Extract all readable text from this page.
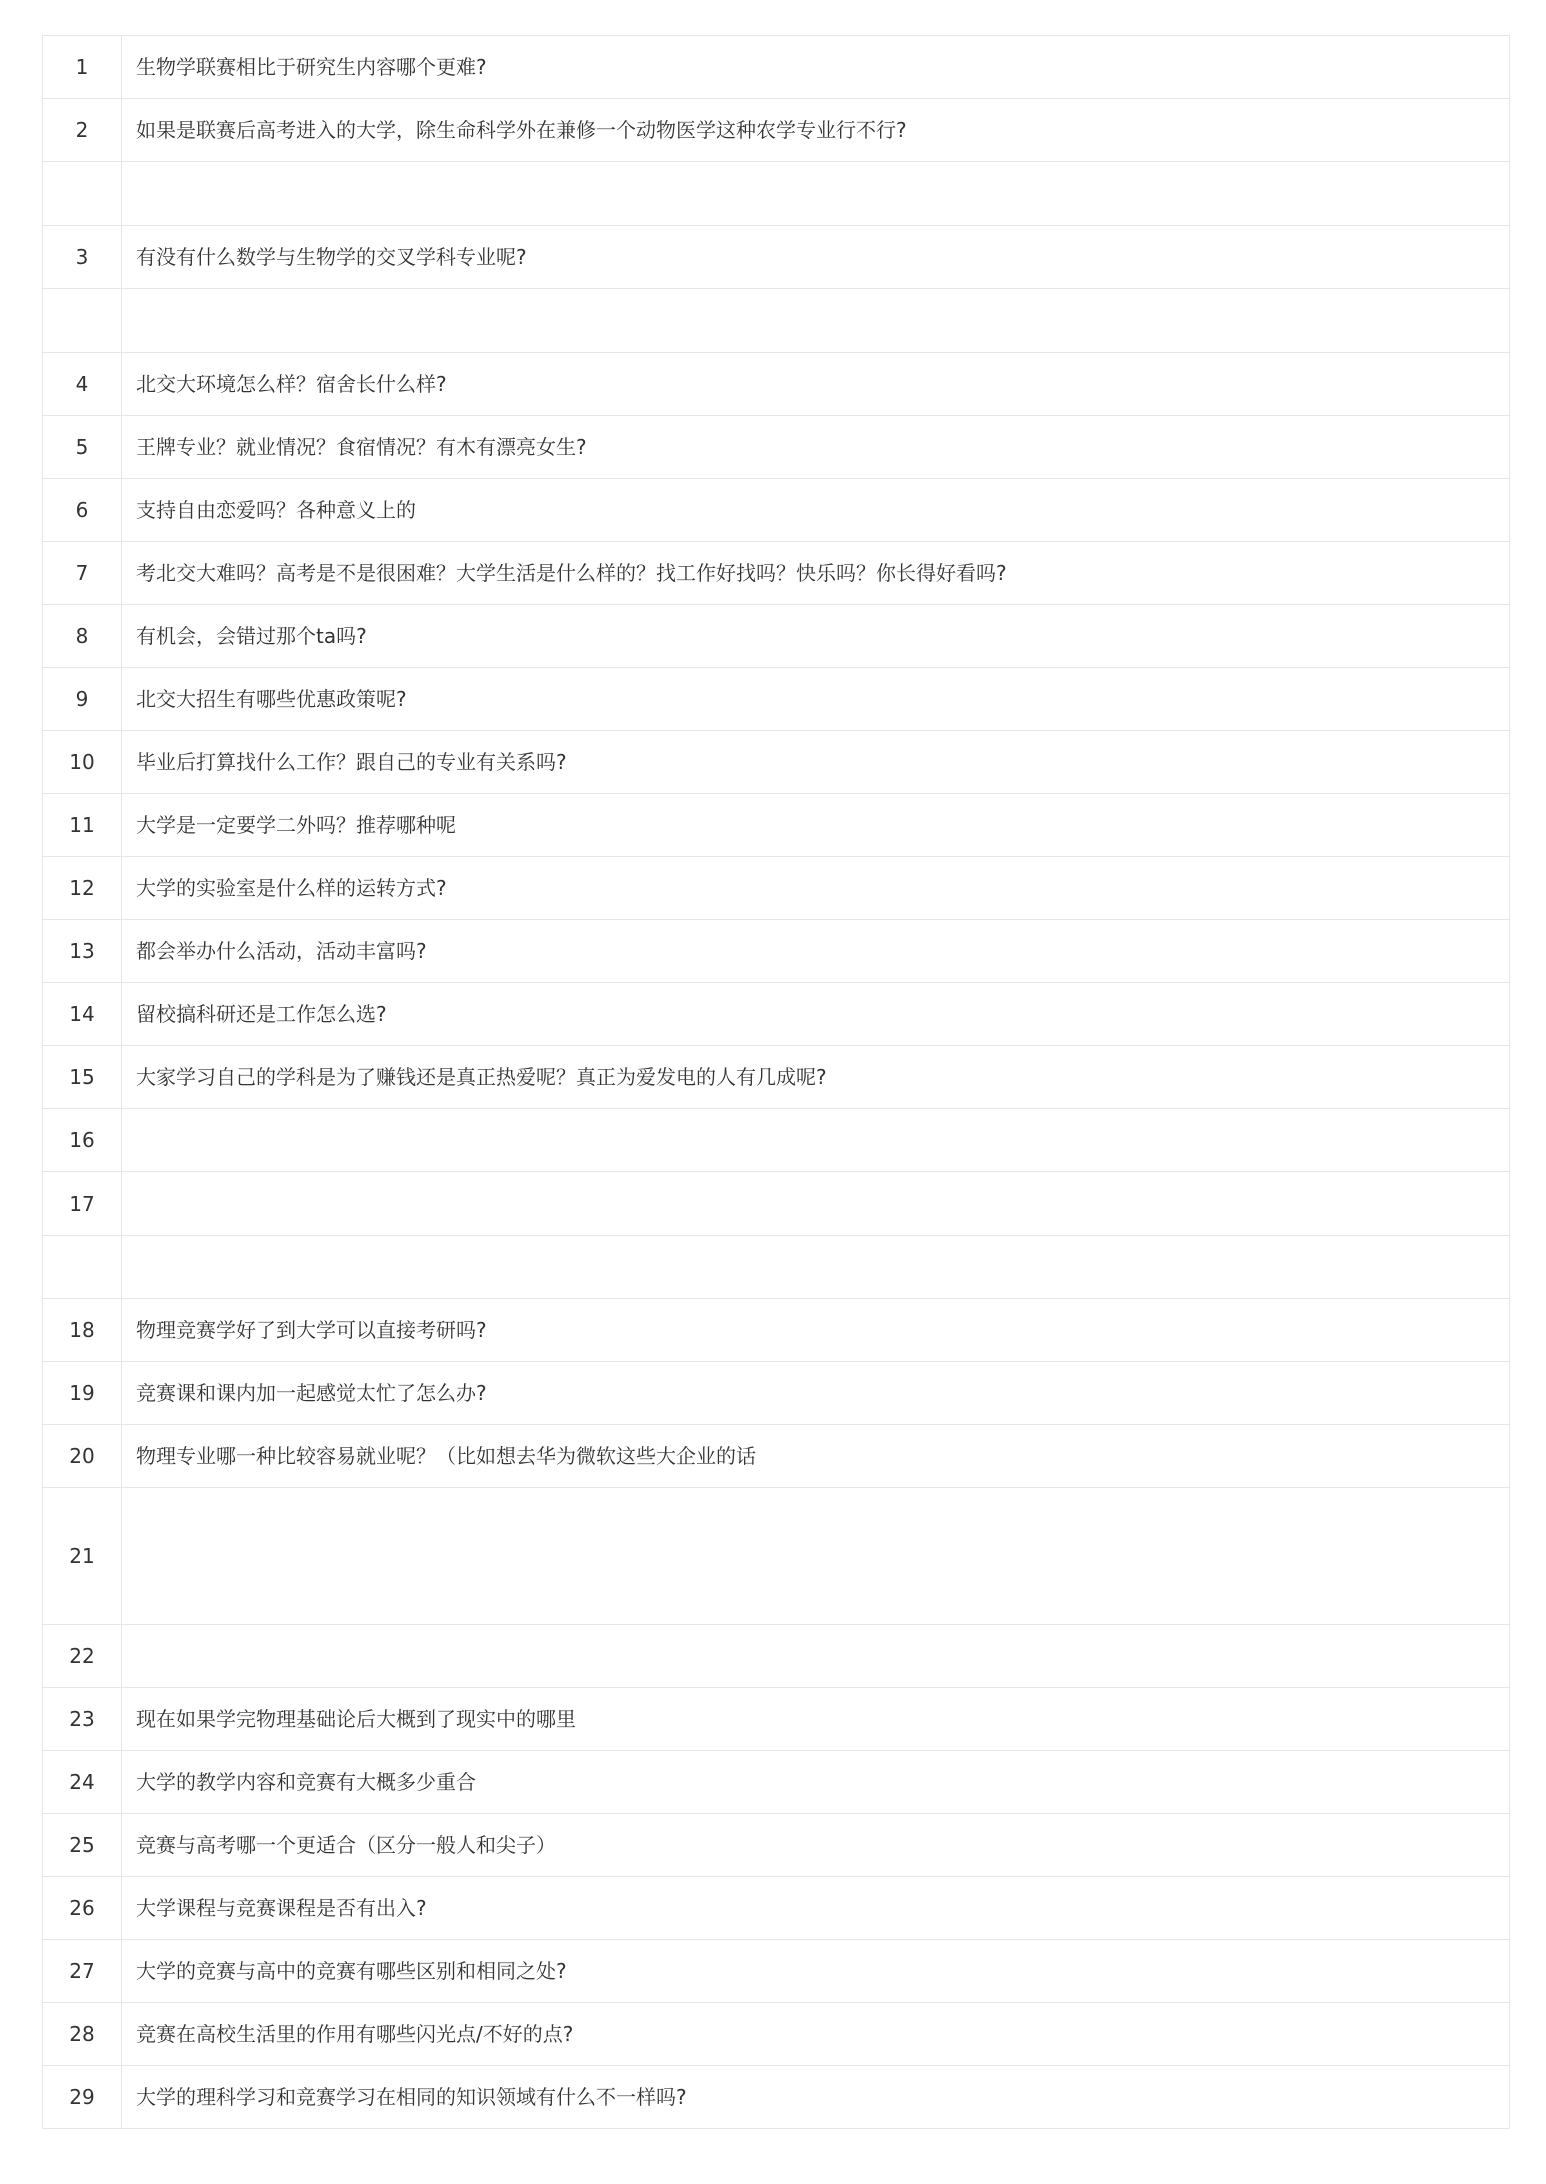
1	生物学联赛相比于研究生内容哪个更难?
2	如果是联赛后高考进入的大学，除生命科学外在兼修一个动物医学这种农学专业行不行?

3	有没有什么数学与生物学的交叉学科专业呢?

4	北交大环境怎么样？宿舍长什么样?
5	王牌专业？就业情况？食宿情况？有木有漂亮女生?
6	支持自由恋爱吗？各种意义上的
7	考北交大难吗？高考是不是很困难？大学生活是什么样的？找工作好找吗？快乐吗？你长得好看吗?
8	有机会，会错过那个ta吗?
9	北交大招生有哪些优惠政策呢?
10	毕业后打算找什么工作？跟自己的专业有关系吗?
11	大学是一定要学二外吗？推荐哪种呢
12	大学的实验室是什么样的运转方式?
13	都会举办什么活动，活动丰富吗?
14	留校搞科研还是工作怎么选?
15	大家学习自己的学科是为了赚钱还是真正热爱呢？真正为爱发电的人有几成呢?
16	
17	

18	物理竞赛学好了到大学可以直接考研吗?
19	竞赛课和课内加一起感觉太忙了怎么办?
20	物理专业哪一种比较容易就业呢？（比如想去华为微软这些大企业的话
21	
22	
23	现在如果学完物理基础论后大概到了现实中的哪里
24	大学的教学内容和竞赛有大概多少重合
25	竞赛与高考哪一个更适合（区分一般人和尖子）
26	大学课程与竞赛课程是否有出入?
27	大学的竞赛与高中的竞赛有哪些区别和相同之处?
28	竞赛在高校生活里的作用有哪些闪光点/不好的点?
29	大学的理科学习和竞赛学习在相同的知识领域有什么不一样吗?
